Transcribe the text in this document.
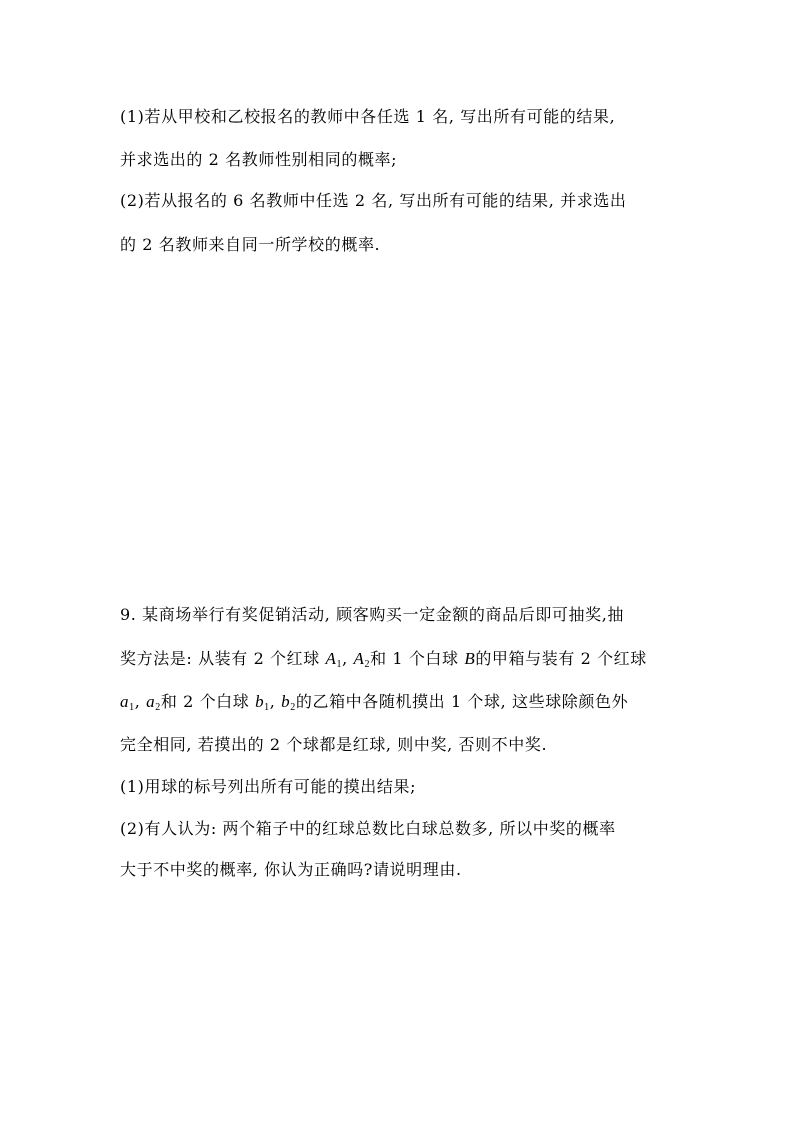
(1)若从甲校和乙校报名的教师中各任选 1 名, 写出所有可能的结果,
并求选出的 2 名教师性别相同的概率;
(2)若从报名的 6 名教师中任选 2 名, 写出所有可能的结果, 并求选出
的 2 名教师来自同一所学校的概率.
9. 某商场举行有奖促销活动, 顾客购买一定金额的商品后即可抽奖,抽
奖方法是: 从装有 2 个红球 $A_1$, $A_2$和 1 个白球 B的甲箱与装有 2 个红球
$a_1$, $a_2$和 2 个白球 $b_1$, $b_2$的乙箱中各随机摸出 1 个球, 这些球除颜色外
完全相同, 若摸出的 2 个球都是红球, 则中奖, 否则不中奖.
(1)用球的标号列出所有可能的摸出结果;
(2)有人认为: 两个箱子中的红球总数比白球总数多, 所以中奖的概率
大于不中奖的概率, 你认为正确吗?请说明理由.
